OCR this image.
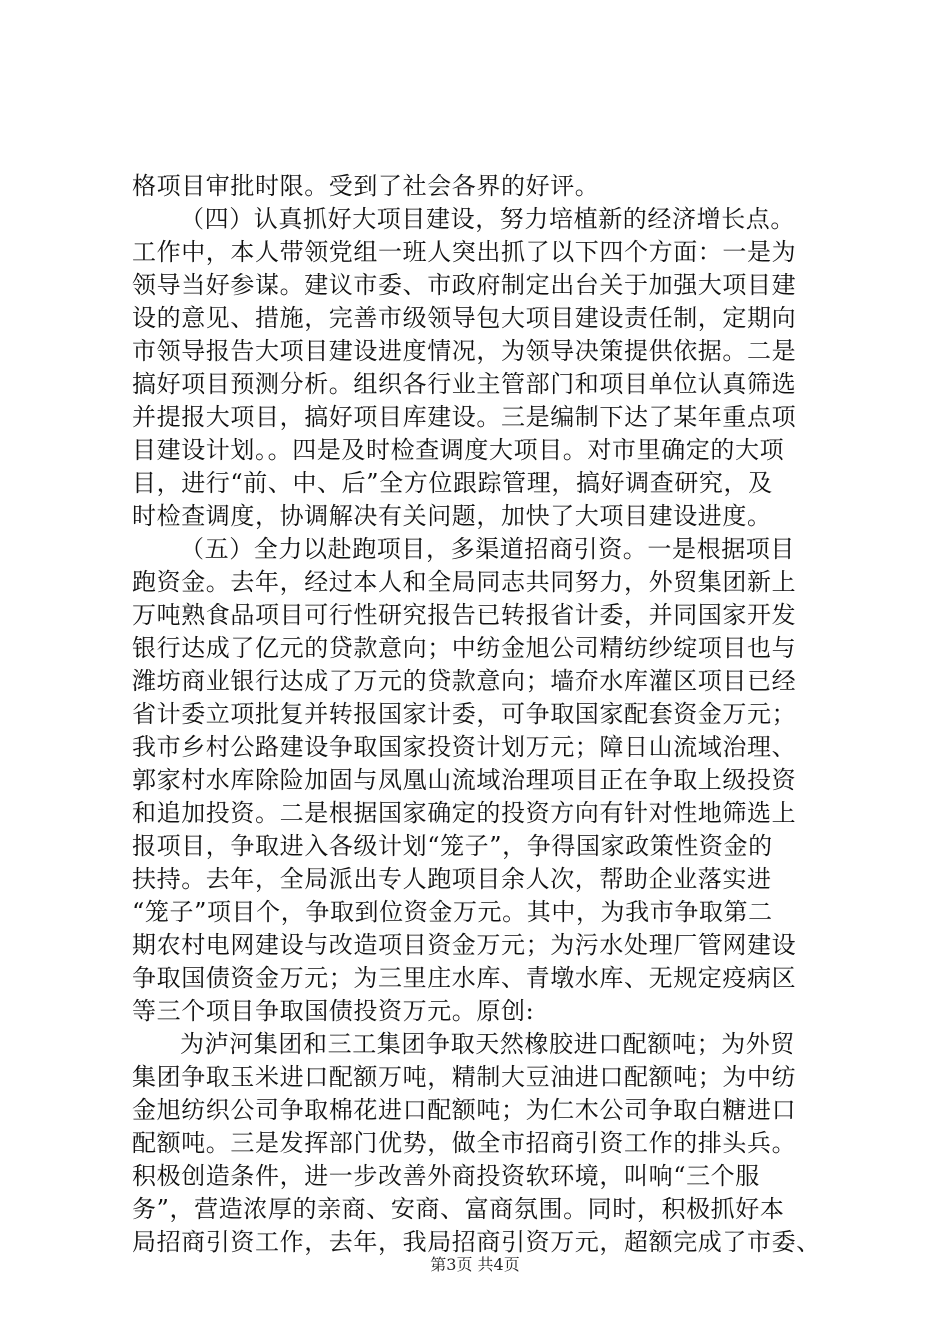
格项目审批时限。受到了社会各界的好评。
（四）认真抓好大项目建设，努力培植新的经济增长点。
工作中，本人带领党组一班人突出抓了以下四个方面：一是为
领导当好参谋。建议市委、市政府制定出台关于加强大项目建
设的意见、措施，完善市级领导包大项目建设责任制，定期向
市领导报告大项目建设进度情况，为领导决策提供依据。二是
搞好项目预测分析。组织各行业主管部门和项目单位认真筛选
并提报大项目，搞好项目库建设。三是编制下达了某年重点项
目建设计划。。四是及时检查调度大项目。对市里确定的大项
目，进行“前、中、后”全方位跟踪管理，搞好调查研究，及
时检查调度，协调解决有关问题，加快了大项目建设进度。
（五）全力以赴跑项目，多渠道招商引资。一是根据项目
跑资金。去年，经过本人和全局同志共同努力，外贸集团新上
万吨熟食品项目可行性研究报告已转报省计委，并同国家开发
银行达成了亿元的贷款意向；中纺金旭公司精纺纱绽项目也与
潍坊商业银行达成了万元的贷款意向；墙夼水库灌区项目已经
省计委立项批复并转报国家计委，可争取国家配套资金万元；
我市乡村公路建设争取国家投资计划万元；障日山流域治理、
郭家村水库除险加固与凤凰山流域治理项目正在争取上级投资
和追加投资。二是根据国家确定的投资方向有针对性地筛选上
报项目，争取进入各级计划“笼子”，争得国家政策性资金的
扶持。去年，全局派出专人跑项目余人次，帮助企业落实进
“笼子”项目个，争取到位资金万元。其中，为我市争取第二
期农村电网建设与改造项目资金万元；为污水处理厂管网建设
争取国债资金万元；为三里庄水库、青墩水库、无规定疫病区
等三个项目争取国债投资万元。原创:
为泸河集团和三工集团争取天然橡胶进口配额吨；为外贸
集团争取玉米进口配额万吨，精制大豆油进口配额吨；为中纺
金旭纺织公司争取棉花进口配额吨；为仁木公司争取白糖进口
配额吨。三是发挥部门优势，做全市招商引资工作的排头兵。
积极创造条件，进一步改善外商投资软环境，叫响“三个服
务”，营造浓厚的亲商、安商、富商氛围。同时，积极抓好本
局招商引资工作，去年，我局招商引资万元，超额完成了市委、
第3页 共4页
